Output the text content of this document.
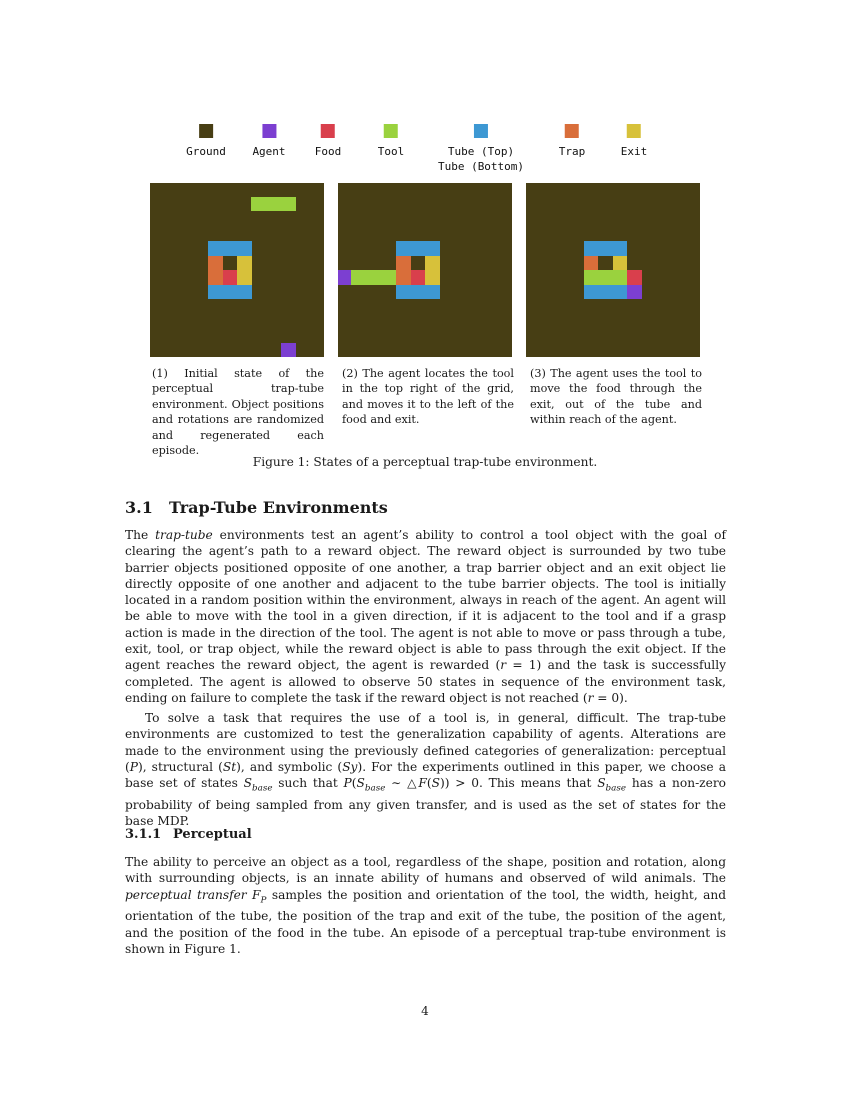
Ground Agent	Food	Tool	Tube (Top)
Tube (Bottom)
Trap	Exit
(1) Initial state of the perceptual trap-tube environment. Object positions and rotations are randomized and regenerated each episode.
(2) The agent locates the tool in the top right of the grid, and moves it to the left of the food and exit.
(3) The agent uses the tool to move the food through the exit, out of the tube and within reach of the agent.
Figure 1: States of a perceptual trap-tube environment.
3.1 Trap-Tube Environments

The trap-tube environments test an agent’s ability to control a tool object with the goal of clearing the agent’s path to a reward object. The reward object is surrounded by two tube barrier objects positioned opposite of one another, a trap barrier object and an exit object lie directly opposite of one another and adjacent to the tube barrier objects. The tool is initially located in a random position within the environment, always in reach of the agent. An agent will be able to move with the tool in a given direction, if it is adjacent to the tool and if a grasp action is made in the direction of the tool. The agent is not able to move or pass through a tube, exit, tool, or trap object, while the reward object is able to pass through the exit object. If the agent reaches the reward object, the agent is rewarded (r = 1) and the task is successfully completed. The agent is allowed to observe 50 states in sequence of the environment task, ending on failure to complete the task if the reward object is not reached (r = 0).

To solve a task that requires the use of a tool is, in general, difficult. The trap-tube environments are customized to test the generalization capability of agents. Alterations are made to the environment using the previously defined categories of generalization: perceptual (P), structural (St), and symbolic (Sy). For the experiments outlined in this paper, we choose a base set of states $S_{base}$ such that $P(S_{base}$ ∼ △F(S)) > 0. This means that $S_{base}$ has a non-zero probability of being sampled from any given transfer, and is used as the set of states for the base MDP.

3.1.1 Perceptual

The ability to perceive an object as a tool, regardless of the shape, position and rotation, along with surrounding objects, is an innate ability of humans and observed of wild animals. The perceptual transfer $F_P$ samples the position and orientation of the tool, the width, height, and orientation of the tube, the position of the trap and exit of the tube, the position of the agent, and the position of the food in the tube. An episode of a perceptual trap-tube environment is shown in Figure 1.

4
